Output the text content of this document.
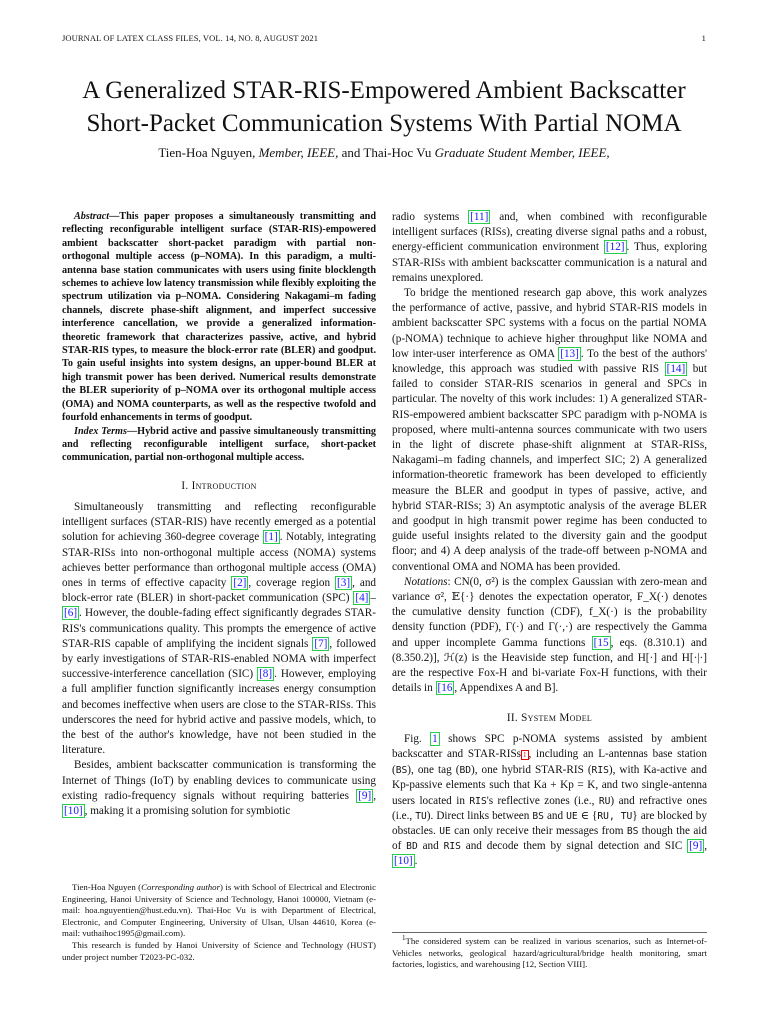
JOURNAL OF LATEX CLASS FILES, VOL. 14, NO. 8, AUGUST 2021	1
A Generalized STAR-RIS-Empowered Ambient Backscatter
Short-Packet Communication Systems With Partial NOMA
Tien-Hoa Nguyen, Member, IEEE, and Thai-Hoc Vu Graduate Student Member, IEEE,

Abstract—This paper proposes a simultaneously transmitting and reflecting reconfigurable intelligent surface (STAR-RIS)-empowered ambient backscatter short-packet paradigm with partial non-orthogonal multiple access (p–NOMA). In this paradigm, a multi-antenna base station communicates with users using finite blocklength schemes to achieve low latency transmission while flexibly exploiting the spectrum utilization via p–NOMA. Considering Nakagami–m fading channels, discrete phase-shift alignment, and imperfect successive interference cancellation, we provide a generalized information-theoretic framework that characterizes passive, active, and hybrid STAR-RIS types, to measure the block-error rate (BLER) and goodput. To gain useful insights into system designs, an upper-bound BLER at high transmit power has been derived. Numerical results demonstrate the BLER superiority of p–NOMA over its orthogonal multiple access (OMA) and NOMA counterparts, as well as the respective twofold and fourfold enhancements in terms of goodput.

Index Terms—Hybrid active and passive simultaneously transmitting and reflecting reconfigurable intelligent surface, short-packet communication, partial non-orthogonal multiple access.

I. Introduction

Simultaneously transmitting and reflecting reconfigurable intelligent surfaces (STAR-RIS) have recently emerged as a potential solution for achieving 360-degree coverage [1] . Notably, integrating STAR-RISs into non-orthogonal multiple access (NOMA) systems achieves better performance than orthogonal multiple access (OMA) ones in terms of effective capacity [2] , coverage region [3] , and block-error rate (BLER) in short-packet communication (SPC) [4] –[6] . However, the double-fading effect significantly degrades STAR-RIS's communications quality. This prompts the emergence of active STAR-RIS capable of amplifying the incident signals [7] , followed by early investigations of STAR-RIS-enabled NOMA with imperfect successive-interference cancellation (SIC) [8] . However, employing a full amplifier function significantly increases energy consumption and becomes ineffective when users are close to the STAR-RISs. This underscores the need for hybrid active and passive models, which, to the best of the author's knowledge, have not been studied in the literature.

Besides, ambient backscatter communication is transforming the Internet of Things (IoT) by enabling devices to communicate using existing radio-frequency signals without requiring batteries [9] , [10] , making it a promising solution for symbiotic

Tien-Hoa Nguyen (Corresponding author) is with School of Electrical and Electronic Engineering, Hanoi University of Science and Technology, Hanoi 100000, Vietnam (e-mail: hoa.nguyentien@hust.edu.vn). Thai-Hoc Vu is with Department of Electrical, Electronic, and Computer Engineering, University of Ulsan, Ulsan 44610, Korea (e-mail: vuthaihoc1995@gmail.com).

This research is funded by Hanoi University of Science and Technology (HUST) under project number T2023-PC-032.

radio systems [11] and, when combined with reconfigurable intelligent surfaces (RISs), creating diverse signal paths and a robust, energy-efficient communication environment [12] . Thus, exploring STAR-RISs with ambient backscatter communication is a natural and remains unexplored.

To bridge the mentioned research gap above, this work analyzes the performance of active, passive, and hybrid STAR-RIS models in ambient backscatter SPC systems with a focus on the partial NOMA (p-NOMA) technique to achieve higher throughput like NOMA and low inter-user interference as OMA [13] . To the best of the authors' knowledge, this approach was studied with passive RIS [14] but failed to consider STAR-RIS scenarios in general and SPCs in particular. The novelty of this work includes: 1) A generalized STAR-RIS-empowered ambient backscatter SPC paradigm with p-NOMA is proposed, where multi-antenna sources communicate with two users in the light of discrete phase-shift alignment at STAR-RISs, Nakagami–m fading channels, and imperfect SIC; 2) A generalized information-theoretic framework has been developed to efficiently measure the BLER and goodput in types of passive, active, and hybrid STAR-RISs; 3) An asymptotic analysis of the average BLER and goodput in high transmit power regime has been conducted to guide useful insights related to the diversity gain and the goodput floor; and 4) A deep analysis of the trade-off between p-NOMA and conventional OMA and NOMA has been provided.

Notations: CN(0, σ²) is the complex Gaussian with zero-mean and variance σ², 𝔼{·} denotes the expectation operator, F_X(·) denotes the cumulative density function (CDF), f_X(·) is the probability density function (PDF), Γ(·) and Γ(·,·) are respectively the Gamma and upper incomplete Gamma functions [15 , eqs. (8.310.1) and (8.350.2)], ℋ(z) is the Heaviside step function, and H[·] and H[·|·] are the respective Fox-H and bi-variate Fox-H functions, with their details in [16 , Appendixes A and B].

II. System Model

Fig. 1 shows SPC p-NOMA systems assisted by ambient backscatter and STAR-RISs 1 , including an L-antennas base station (BS), one tag (BD), one hybrid STAR-RIS (RIS), with Ka-active and Kp-passive elements such that Ka + Kp = K, and two single-antenna users located in RIS's reflective zones (i.e., RU) and refractive ones (i.e., TU). Direct links between BS and UE ∈ {RU, TU} are blocked by obstacles. UE can only receive their messages from BS though the aid of BD and RIS and decode them by signal detection and SIC [9] , [10] .

$^1$The considered system can be realized in various scenarios, such as Internet-of-Vehicles networks, geological hazard/agricultural/bridge health monitoring, smart factories, logistics, and warehousing [12, Section VIII].
